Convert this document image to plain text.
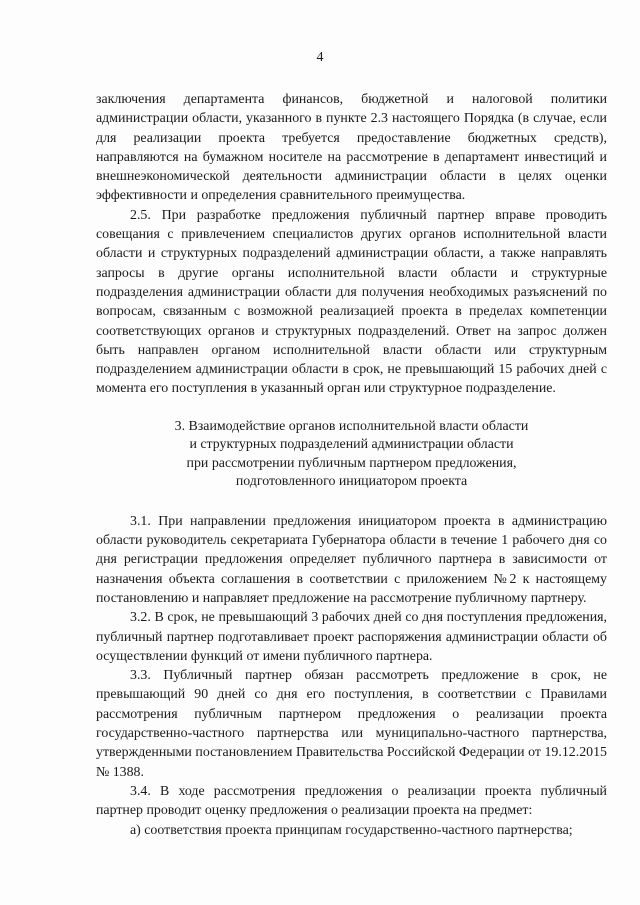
4

заключения департамента финансов, бюджетной и налоговой политики администрации области, указанного в пункте 2.3 настоящего Порядка (в случае, если для реализации проекта требуется предоставление бюджетных средств), направляются на бумажном носителе на рассмотрение в департамент инвестиций и внешнеэкономической деятельности администрации области в целях оценки эффективности и определения сравнительного преимущества.

2.5. При разработке предложения публичный партнер вправе проводить совещания с привлечением специалистов других органов исполнительной власти области и структурных подразделений администрации области, а также направлять запросы в другие органы исполнительной власти области и структурные подразделения администрации области для получения необходимых разъяснений по вопросам, связанным с возможной реализацией проекта в пределах компетенции соответствующих органов и структурных подразделений. Ответ на запрос должен быть направлен органом исполнительной власти области или структурным подразделением администрации области в срок, не превышающий 15 рабочих дней с момента его поступления в указанный орган или структурное подразделение.

3. Взаимодействие органов исполнительной власти области
и структурных подразделений администрации области
при рассмотрении публичным партнером предложения,
подготовленного инициатором проекта

3.1. При направлении предложения инициатором проекта в администрацию области руководитель секретариата Губернатора области в течение 1 рабочего дня со дня регистрации предложения определяет публичного партнера в зависимости от назначения объекта соглашения в соответствии с приложением №2 к настоящему постановлению и направляет предложение на рассмотрение публичному партнеру.

3.2. В срок, не превышающий 3 рабочих дней со дня поступления предложения, публичный партнер подготавливает проект распоряжения администрации области об осуществлении функций от имени публичного партнера.

3.3. Публичный партнер обязан рассмотреть предложение в срок, не превышающий 90 дней со дня его поступления, в соответствии с Правилами рассмотрения публичным партнером предложения о реализации проекта государственно-частного партнерства или муниципально-частного партнерства, утвержденными постановлением Правительства Российской Федерации от 19.12.2015 № 1388.

3.4. В ходе рассмотрения предложения о реализации проекта публичный партнер проводит оценку предложения о реализации проекта на предмет:

а) соответствия проекта принципам государственно-частного партнерства;
